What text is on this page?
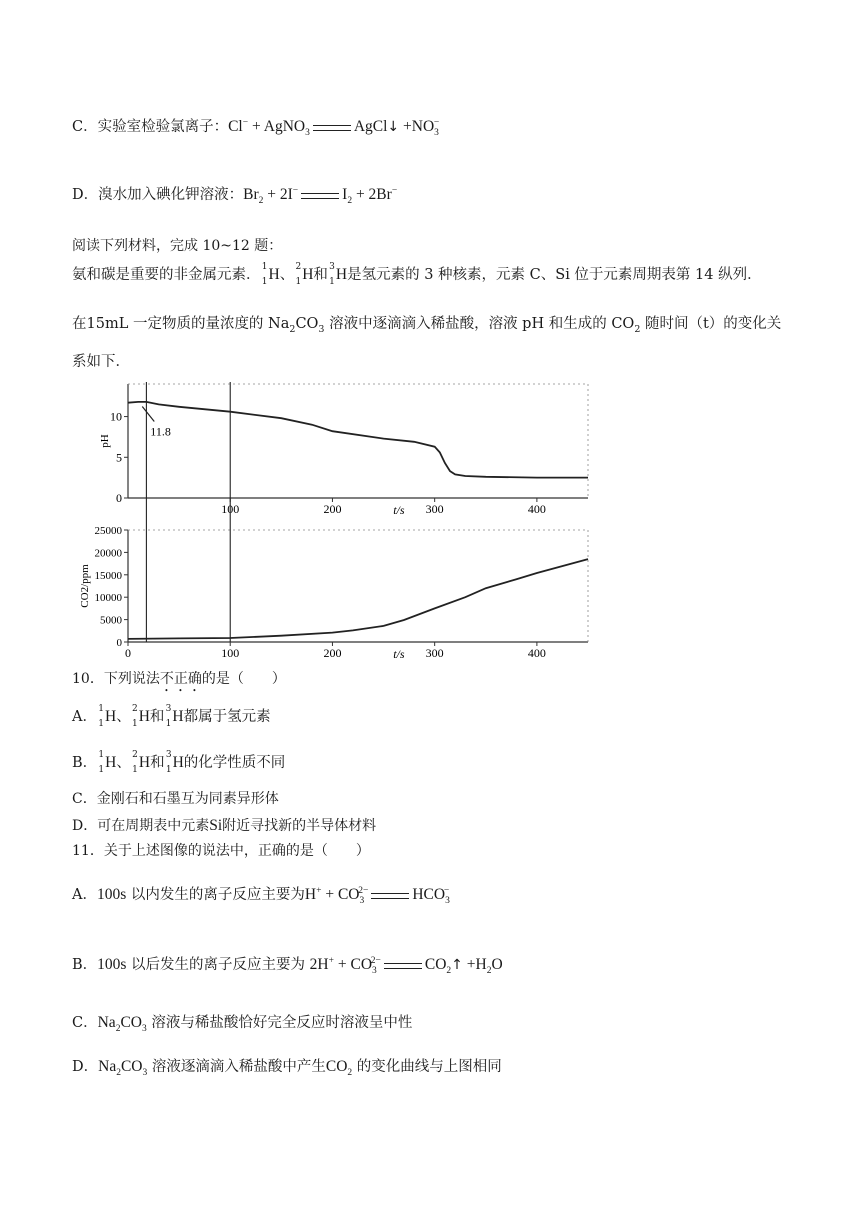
C．实验室检验氯离子：Cl− + AgNO$_3$	AgCl↓ $+NO_3^-$
D．溴水加入碘化钾溶液：$Br_2 + 2I^-$	$I_2 + 2Br^-$
阅读下列材料，完成 10~12 题：
氨和碳是重要的非金属元素． 1
1 H、 2
1 H和 3
1 H是氢元素的 3 种核素，元素 C、Si 位于元素周期表第 14 纵列．
在15mL 一定物质的量浓度的 $Na_2CO_3$ 溶液中逐滴滴入稀盐酸，溶液 pH 和生成的 $CO_2$ 随时间（t）的变化关
系如下．
0
5
10
100	200	300	400
pH
t/s
11.8
0
5000
10000
15000
20000
25000
0	100	200	300	400
CO2/ppm
t/s
10．下列说法不正确的是（　　）
A． 1
1 H、 2
1 H和 3
1 H都属于氢元素
B． 1
1 H、 2
1 H和 3
1 H的化学性质不同
C．金刚石和石墨互为同素异形体
D．可在周期表中元素Si附近寻找新的半导体材料
11．关于上述图像的说法中，正确的是（　　）
A．100s 以内发生的离子反应主要为$H^+ + CO_3^{2-}$	$HCO_3^-$
B．100s 以后发生的离子反应主要为 $2H^+ + CO_3^{2-}$	$CO_2↑ +H_2O$
C．$Na_2CO_3$ 溶液与稀盐酸恰好完全反应时溶液呈中性
D．$Na_2CO_3$ 溶液逐滴滴入稀盐酸中产生$CO_2$ 的变化曲线与上图相同
